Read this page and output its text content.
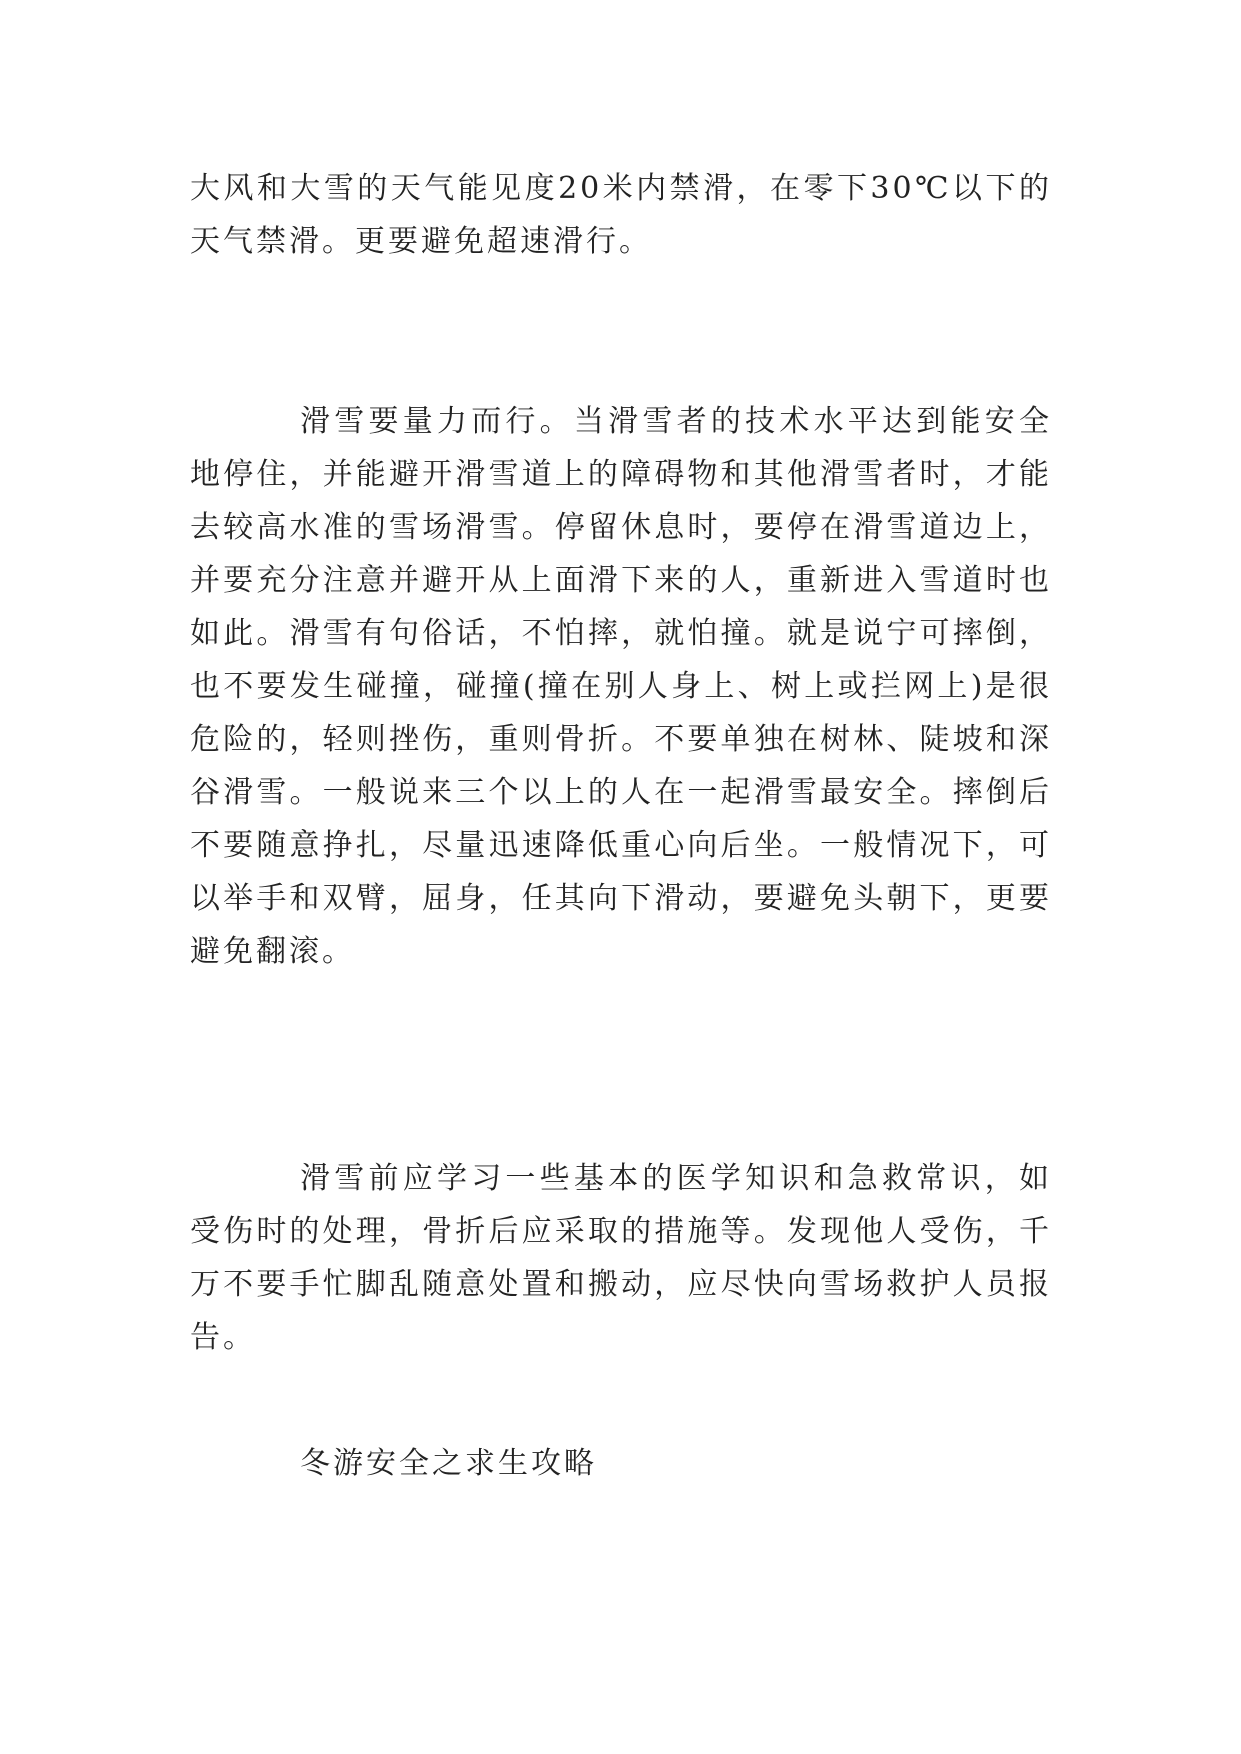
大风和大雪的天气能见度20米内禁滑，在零下30℃以下的天气禁滑。更要避免超速滑行。

滑雪要量力而行。当滑雪者的技术水平达到能安全地停住，并能避开滑雪道上的障碍物和其他滑雪者时，才能去较高水准的雪场滑雪。停留休息时，要停在滑雪道边上，并要充分注意并避开从上面滑下来的人，重新进入雪道时也如此。滑雪有句俗话，不怕摔，就怕撞。就是说宁可摔倒，也不要发生碰撞，碰撞(撞在别人身上、树上或拦网上)是很危险的，轻则挫伤，重则骨折。不要单独在树林、陡坡和深谷滑雪。一般说来三个以上的人在一起滑雪最安全。摔倒后不要随意挣扎，尽量迅速降低重心向后坐。一般情况下，可以举手和双臂，屈身，任其向下滑动，要避免头朝下，更要避免翻滚。

滑雪前应学习一些基本的医学知识和急救常识，如受伤时的处理，骨折后应采取的措施等。发现他人受伤，千万不要手忙脚乱随意处置和搬动，应尽快向雪场救护人员报告。

冬游安全之求生攻略
